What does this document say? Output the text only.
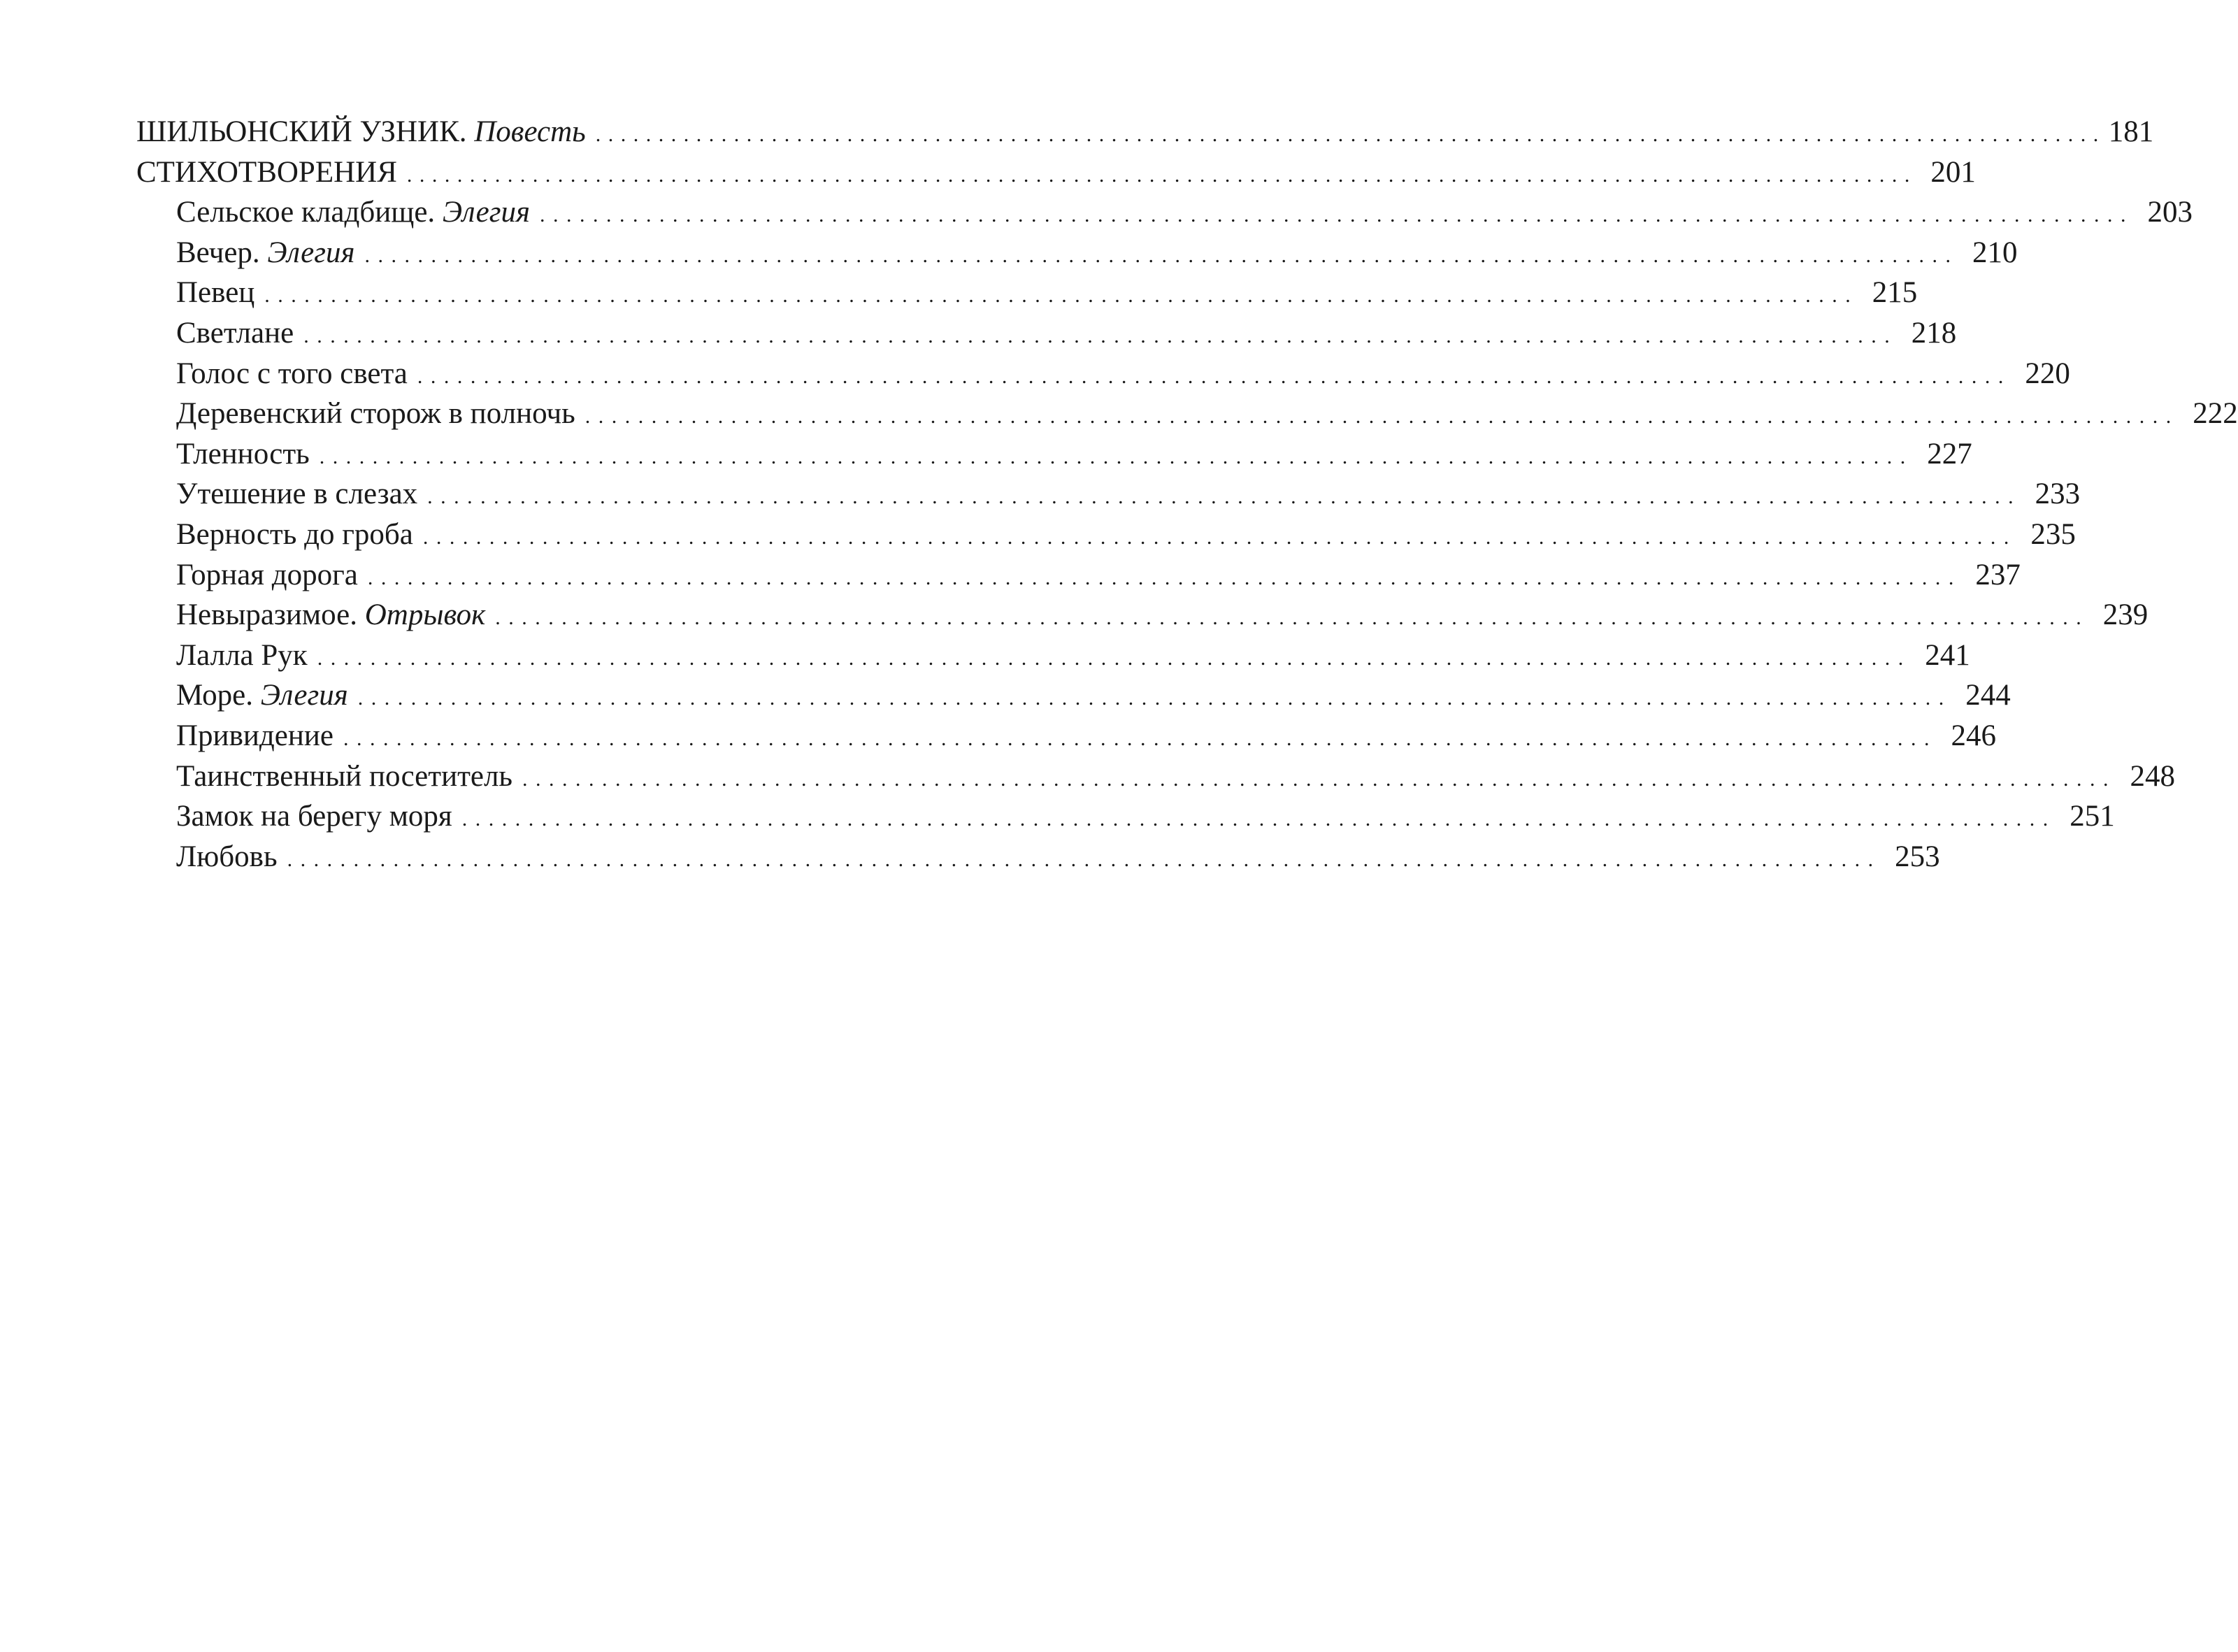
ШИЛЬОНСКИЙ УЗНИК. Повесть ........................................................................................................................ 181
СТИХОТВОРЕНИЯ ........................................................................................................................ 201
Сельское кладбище. Элегия ........................................................................................................................ 203
Вечер. Элегия ........................................................................................................................ 210
Певец ........................................................................................................................ 215
Светлане ........................................................................................................................ 218
Голос с того света ........................................................................................................................ 220
Деревенский сторож в полночь ........................................................................................................................ 222
Тленность ........................................................................................................................ 227
Утешение в слезах ........................................................................................................................ 233
Верность до гроба ........................................................................................................................ 235
Горная дорога ........................................................................................................................ 237
Невыразимое. Отрывок ........................................................................................................................ 239
Лалла Рук ........................................................................................................................ 241
Море. Элегия ........................................................................................................................ 244
Привидение ........................................................................................................................ 246
Таинственный посетитель ........................................................................................................................ 248
Замок на берегу моря ........................................................................................................................ 251
Любовь ........................................................................................................................ 253
